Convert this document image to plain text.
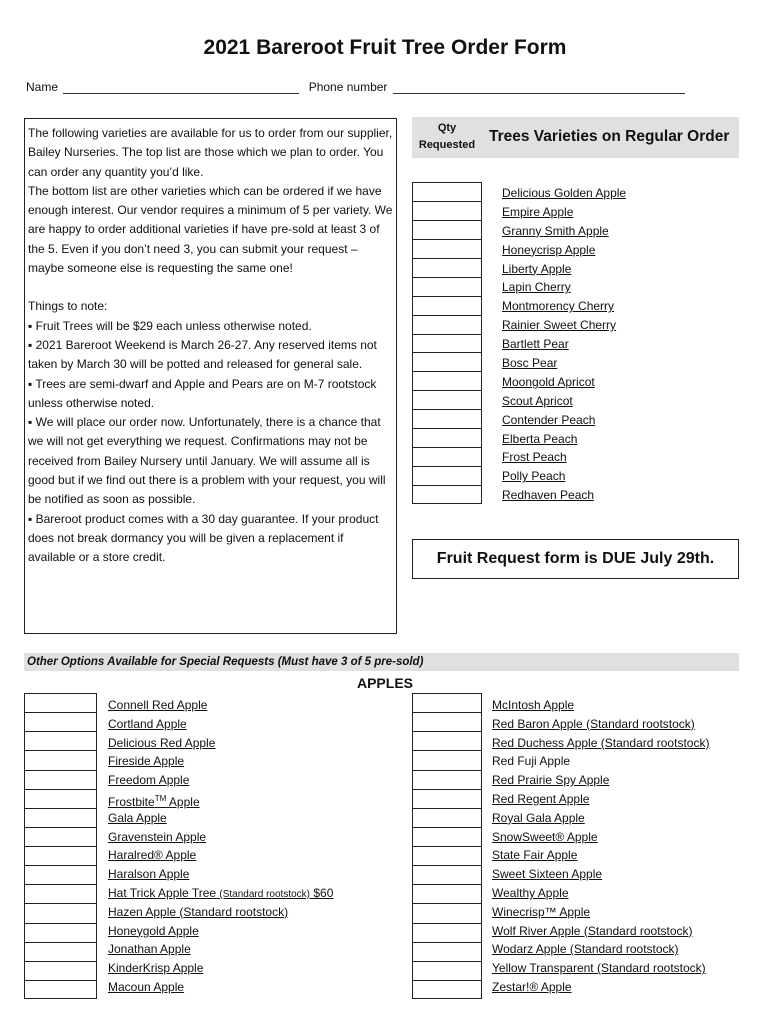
2021 Bareroot Fruit Tree Order Form
Name	Phone number

The following varieties are available for us to order from our supplier, Bailey Nurseries. The top list are those which we plan to order. You can order any quantity you’d like.

The bottom list are other varieties which can be ordered if we have enough interest. Our vendor requires a minimum of 5 per variety. We are happy to order additional varieties if have pre-sold at least 3 of the 5. Even if you don’t need 3, you can submit your request – maybe someone else is requesting the same one!

Things to note:

▪ Fruit Trees will be $29 each unless otherwise noted.

▪ 2021 Bareroot Weekend is March 26-27. Any reserved items not taken by March 30 will be potted and released for general sale.

▪ Trees are semi-dwarf and Apple and Pears are on M-7 rootstock unless otherwise noted.

▪ We will place our order now. Unfortunately, there is a chance that we will not get everything we request. Confirmations may not be received from Bailey Nursery until January. We will assume all is good but if we find out there is a problem with your request, you will be notified as soon as possible.

▪ Bareroot product comes with a 30 day guarantee. If your product does not break dormancy you will be given a replacement if available or a store credit.

Qty
Requested Trees Varieties on Regular Order
Delicious Golden Apple
Empire Apple
Granny Smith Apple
Honeycrisp Apple
Liberty Apple
Lapin Cherry
Montmorency Cherry
Rainier Sweet Cherry
Bartlett Pear
Bosc Pear
Moongold Apricot
Scout Apricot
Contender Peach
Elberta Peach
Frost Peach
Polly Peach
Redhaven Peach
Fruit Request form is DUE July 29th.
Other Options Available for Special Requests (Must have 3 of 5 pre-sold)
APPLES
Connell Red Apple
Cortland Apple
Delicious Red Apple
Fireside Apple
Freedom Apple
Frostbite™ Apple
Gala Apple
Gravenstein Apple
Haralred® Apple
Haralson Apple
Hat Trick Apple Tree (Standard rootstock) $60
Hazen Apple (Standard rootstock)
Honeygold Apple
Jonathan Apple
KinderKrisp Apple
Macoun Apple
McIntosh Apple
Red Baron Apple (Standard rootstock)
Red Duchess Apple (Standard rootstock)
Red Fuji Apple
Red Prairie Spy Apple
Red Regent Apple
Royal Gala Apple
SnowSweet® Apple
State Fair Apple
Sweet Sixteen Apple
Wealthy Apple
Winecrisp™ Apple
Wolf River Apple (Standard rootstock)
Wodarz Apple (Standard rootstock)
Yellow Transparent (Standard rootstock)
Zestar!® Apple
